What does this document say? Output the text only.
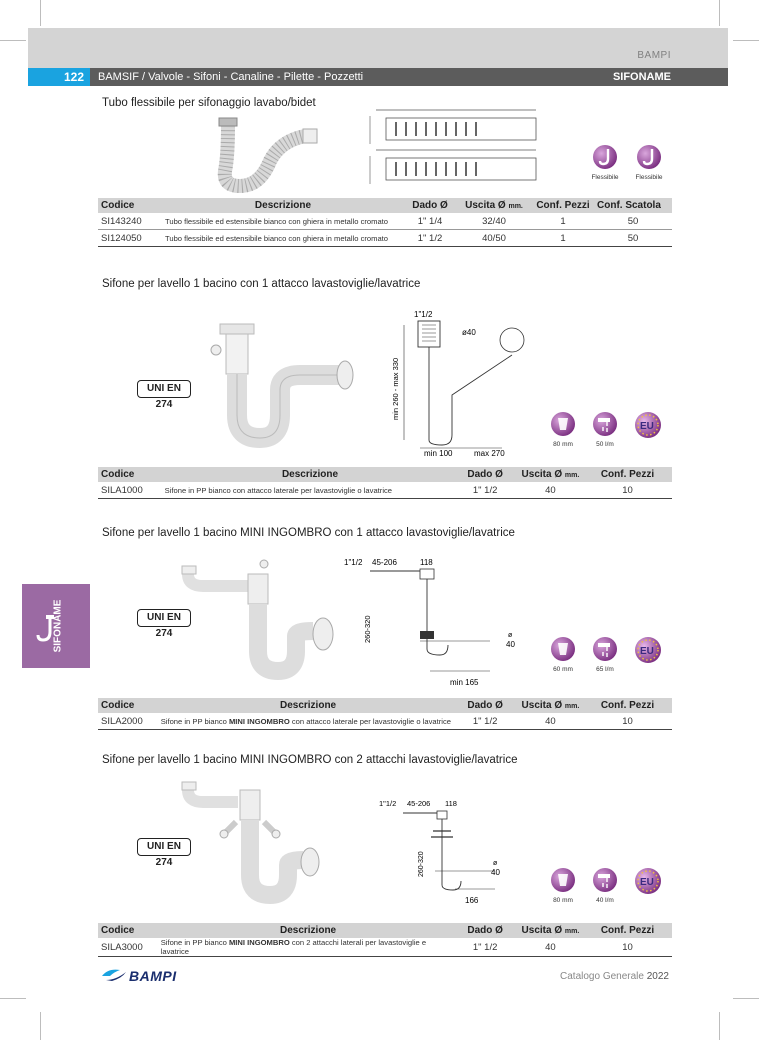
BAMPI
122	BAMSIF / Valvole - Sifoni - Canaline - Pilette - Pozzetti	SIFONAME
SIFONAME
Tubo flessibile per sifonaggio lavabo/bidet
Flessibile	Flessibile
Codice	Descrizione	Dado Ø	Uscita Ø mm.	Conf. Pezzi	Conf. Scatola
SI143240	Tubo flessibile ed estensibile bianco con ghiera in metallo cromato	1" 1/4	32/40	1	50
SI124050	Tubo flessibile ed estensibile bianco con ghiera in metallo cromato	1" 1/2	40/50	1	50
Sifone per lavello 1 bacino con 1 attacco lavastoviglie/lavatrice
UNI EN 274
1"1/2
ø40
min 260 - max 330
min 100	max 270
80 mm	50 l/m
EU
Codice	Descrizione	Dado Ø	Uscita Ø mm.	Conf. Pezzi	
SILA1000	Sifone in PP bianco con attacco laterale per lavastoviglie o lavatrice	1" 1/2	40	10	
Sifone per lavello 1 bacino MINI INGOMBRO con 1 attacco lavastoviglie/lavatrice
UNI EN 274
1"1/2 45-206	118
260-320	ø
40
min 165
60 mm	65 l/m
EU
Codice	Descrizione	Dado Ø	Uscita Ø mm.	Conf. Pezzi	
SILA2000	Sifone in PP bianco MINI INGOMBRO con attacco laterale per lavastoviglie o lavatrice	1" 1/2	40	10	
Sifone per lavello 1 bacino MINI INGOMBRO con 2 attacchi lavastoviglie/lavatrice
UNI EN 274
1"1/2 45-206 118
260-320	ø
40
166	80 mm	40 l/m
EU
Codice	Descrizione	Dado Ø	Uscita Ø mm.	Conf. Pezzi	
SILA3000	Sifone in PP bianco MINI INGOMBRO con 2 attacchi laterali per lavastoviglie e lavatrice	1" 1/2	40	10	
BAMPI	Catalogo Generale 2022
